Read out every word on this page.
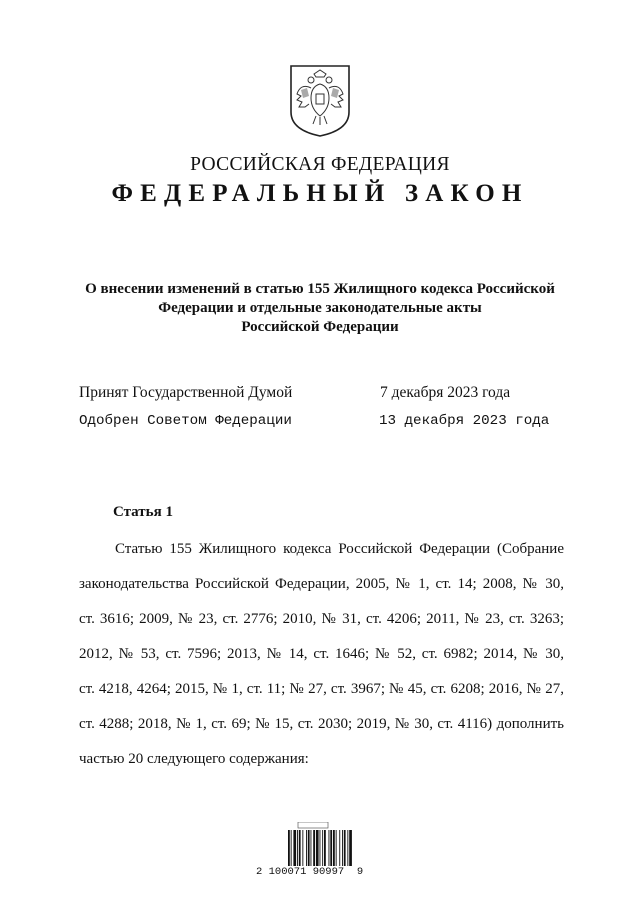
РОССИЙСКАЯ ФЕДЕРАЦИЯ
ФЕДЕРАЛЬНЫЙ ЗАКОН
О внесении изменений в статью 155 Жилищного кодекса Российской
Федерации и отдельные законодательные акты
Российской Федерации
Принят Государственной Думой	7 декабря 2023 года
Одобрен Советом Федерации	13 декабря 2023 года
Статья 1
Статью 155 Жилищного кодекса Российской Федерации (Собрание
законодательства Российской Федерации, 2005, № 1, ст. 14; 2008, № 30,
ст. 3616; 2009, № 23, ст. 2776; 2010, № 31, ст. 4206; 2011, № 23, ст. 3263;
2012, № 53, ст. 7596; 2013, № 14, ст. 1646; № 52, ст. 6982; 2014, № 30,
ст. 4218, 4264; 2015, № 1, ст. 11; № 27, ст. 3967; № 45, ст. 6208; 2016, № 27,
ст. 4288; 2018, № 1, ст. 69; № 15, ст. 2030; 2019, № 30, ст. 4116) дополнить
частью 20 следующего содержания:
2 100071 90997  9
